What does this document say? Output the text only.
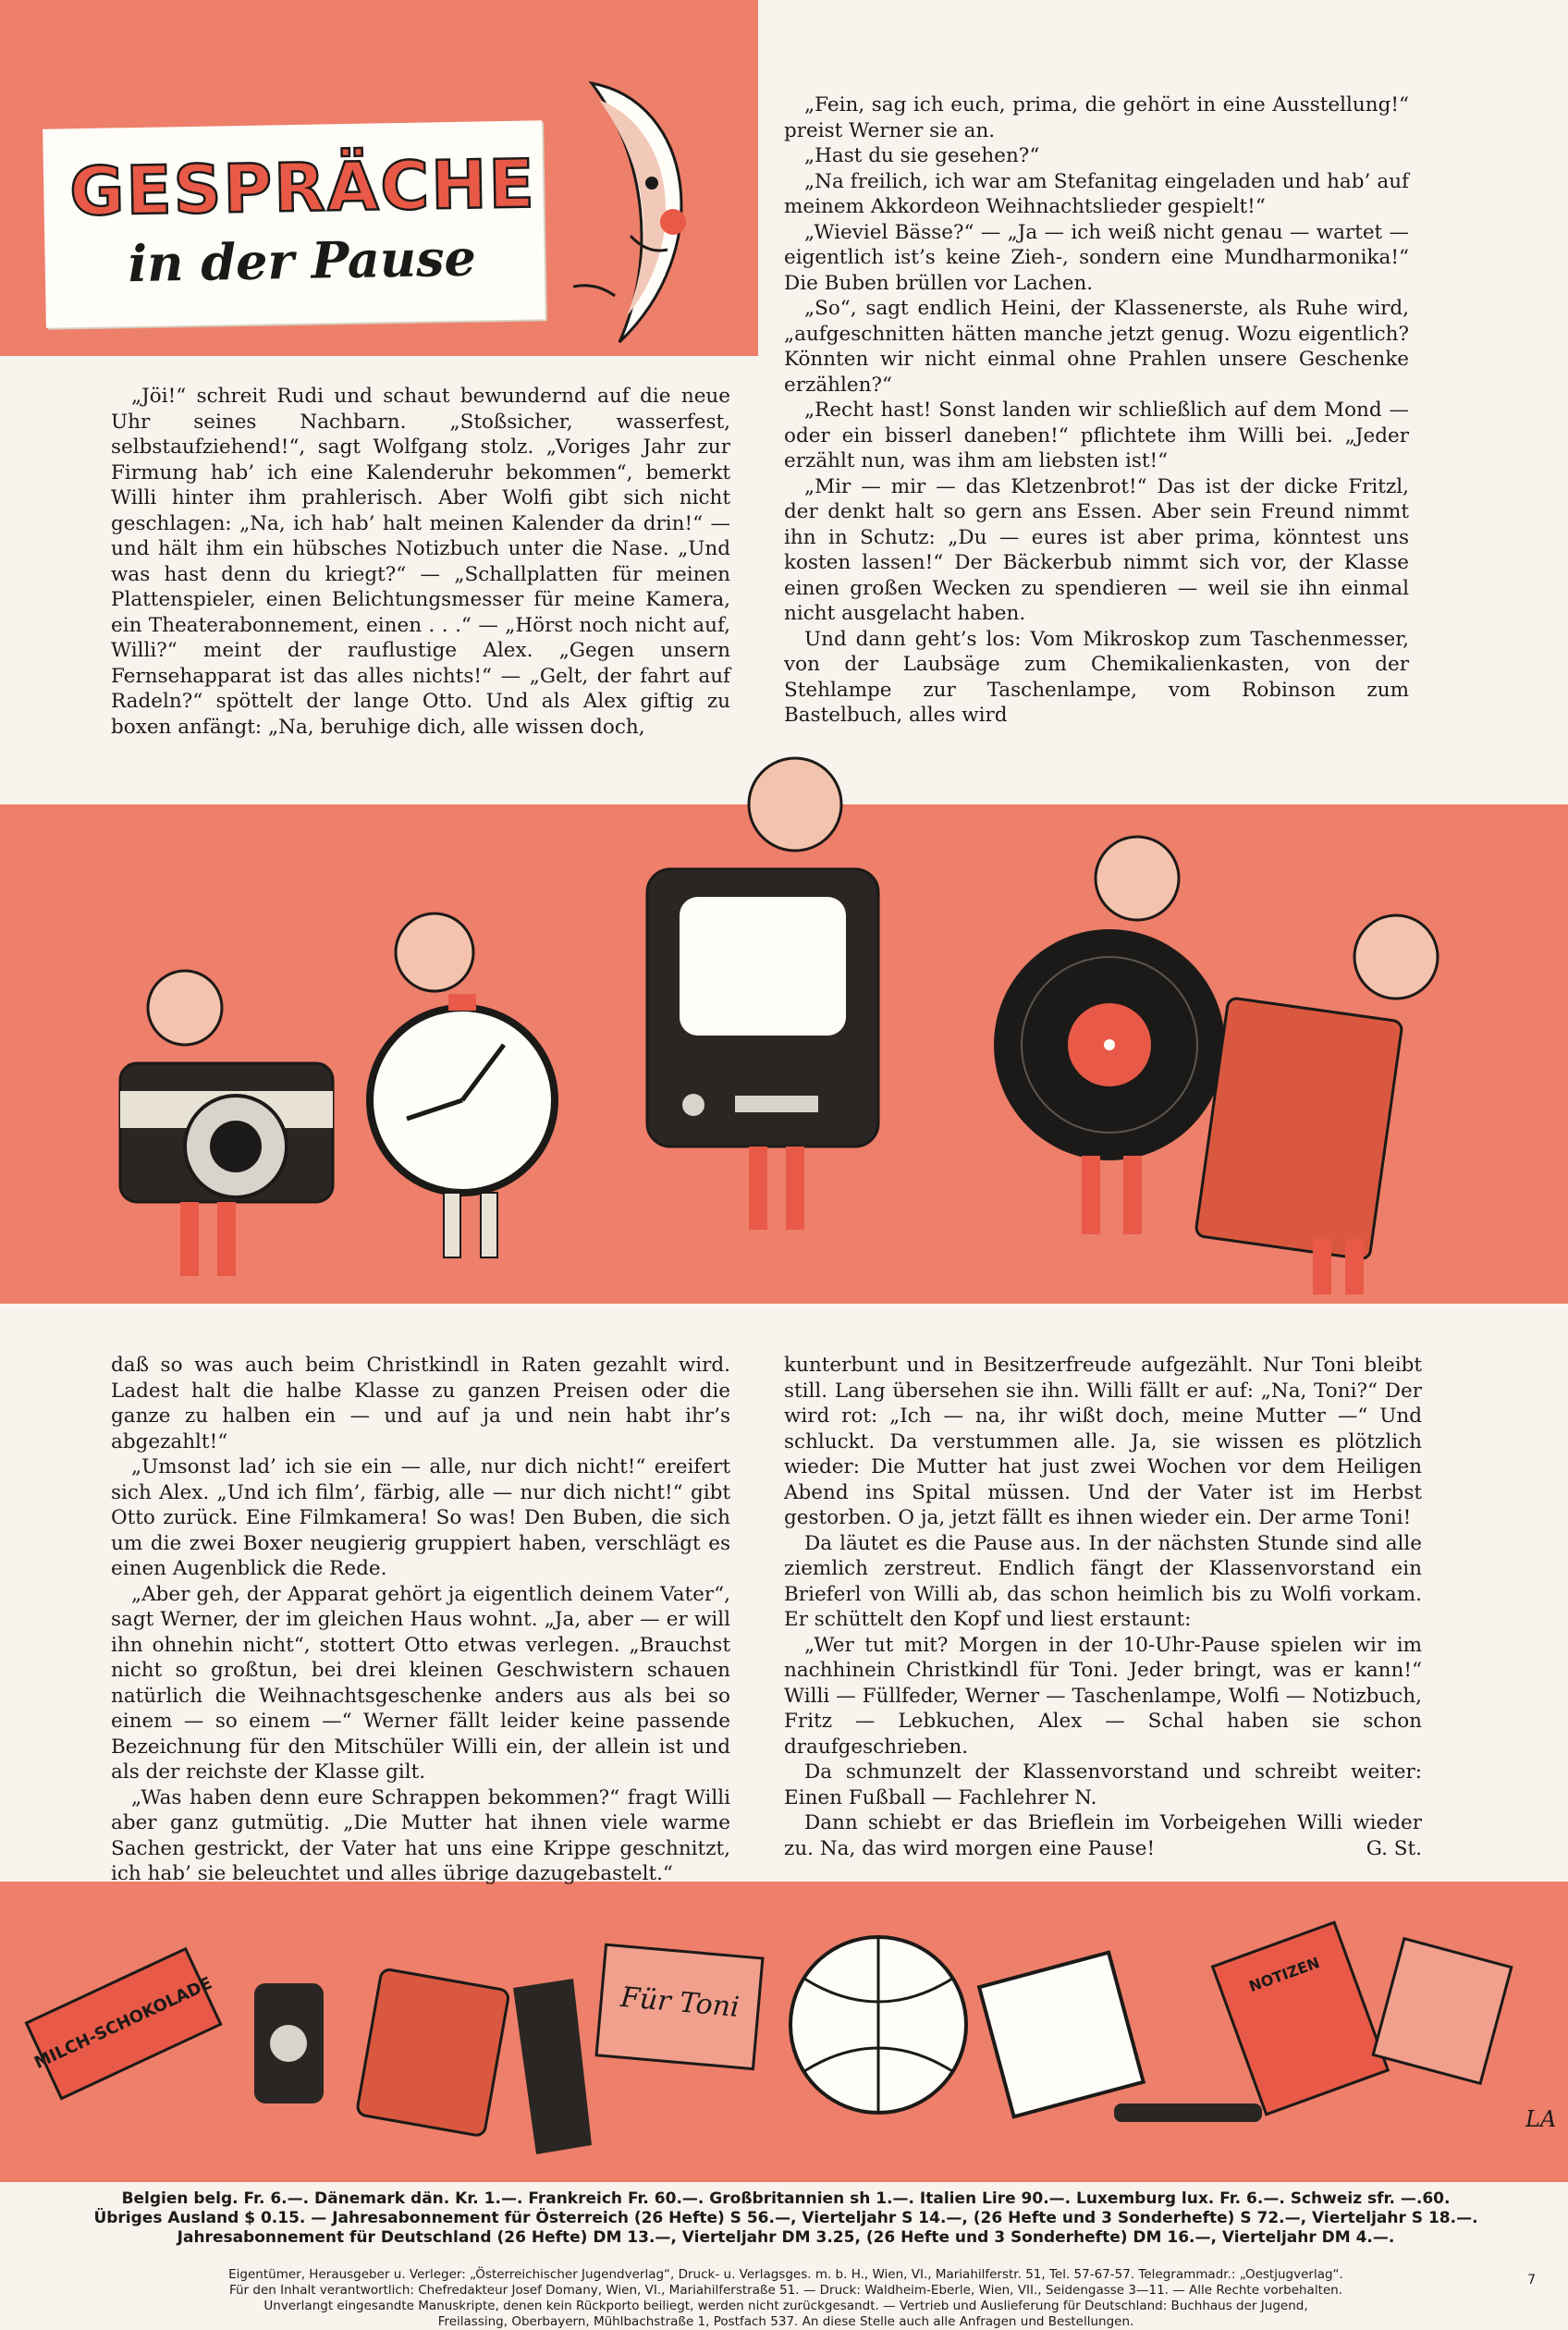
GESPRÄCHE
in der Pause

„Jöi!“ schreit Rudi und schaut bewundernd auf die neue Uhr seines Nachbarn. „Stoßsicher, wasserfest, selbstaufziehend!“, sagt Wolfgang stolz. „Voriges Jahr zur Firmung hab’ ich eine Kalenderuhr bekommen“, bemerkt Willi hinter ihm prahlerisch. Aber Wolfi gibt sich nicht geschlagen: „Na, ich hab’ halt meinen Kalender da drin!“ — und hält ihm ein hübsches Notizbuch unter die Nase. „Und was hast denn du kriegt?“ — „Schallplatten für meinen Plattenspieler, einen Belichtungsmesser für meine Kamera, ein Theaterabonnement, einen . . .“ — „Hörst noch nicht auf, Willi?“ meint der rauflustige Alex. „Gegen unsern Fernsehapparat ist das alles nichts!“ — „Gelt, der fahrt auf Radeln?“ spöttelt der lange Otto. Und als Alex giftig zu boxen anfängt: „Na, beruhige dich, alle wissen doch,

„Fein, sag ich euch, prima, die gehört in eine Ausstellung!“ preist Werner sie an.

„Hast du sie gesehen?“

„Na freilich, ich war am Stefanitag eingeladen und hab’ auf meinem Akkordeon Weihnachtslieder gespielt!“

„Wieviel Bässe?“ — „Ja — ich weiß nicht genau — wartet — eigentlich ist’s keine Zieh-, sondern eine Mundharmonika!“ Die Buben brüllen vor Lachen.

„So“, sagt endlich Heini, der Klassenerste, als Ruhe wird, „aufgeschnitten hätten manche jetzt genug. Wozu eigentlich? Könnten wir nicht einmal ohne Prahlen unsere Geschenke erzählen?“

„Recht hast! Sonst landen wir schließlich auf dem Mond — oder ein bisserl daneben!“ pflichtete ihm Willi bei. „Jeder erzählt nun, was ihm am liebsten ist!“

„Mir — mir — das Kletzenbrot!“ Das ist der dicke Fritzl, der denkt halt so gern ans Essen. Aber sein Freund nimmt ihn in Schutz: „Du — eures ist aber prima, könntest uns kosten lassen!“ Der Bäckerbub nimmt sich vor, der Klasse einen großen Wecken zu spendieren — weil sie ihn einmal nicht ausgelacht haben.

Und dann geht’s los: Vom Mikroskop zum Taschenmesser, von der Laubsäge zum Chemikalienkasten, von der Stehlampe zur Taschenlampe, vom Robinson zum Bastelbuch, alles wird

daß so was auch beim Christkindl in Raten gezahlt wird. Ladest halt die halbe Klasse zu ganzen Preisen oder die ganze zu halben ein — und auf ja und nein habt ihr’s abgezahlt!“

„Umsonst lad’ ich sie ein — alle, nur dich nicht!“ ereifert sich Alex. „Und ich film’, färbig, alle — nur dich nicht!“ gibt Otto zurück. Eine Filmkamera! So was! Den Buben, die sich um die zwei Boxer neugierig gruppiert haben, verschlägt es einen Augenblick die Rede.

„Aber geh, der Apparat gehört ja eigentlich deinem Vater“, sagt Werner, der im gleichen Haus wohnt. „Ja, aber — er will ihn ohnehin nicht“, stottert Otto etwas verlegen. „Brauchst nicht so großtun, bei drei kleinen Geschwistern schauen natürlich die Weihnachtsgeschenke anders aus als bei so einem — so einem —“ Werner fällt leider keine passende Bezeichnung für den Mitschüler Willi ein, der allein ist und als der reichste der Klasse gilt.

„Was haben denn eure Schrappen bekommen?“ fragt Willi aber ganz gutmütig. „Die Mutter hat ihnen viele warme Sachen gestrickt, der Vater hat uns eine Krippe geschnitzt, ich hab’ sie beleuchtet und alles übrige dazugebastelt.“

kunterbunt und in Besitzerfreude aufgezählt. Nur Toni bleibt still. Lang übersehen sie ihn. Willi fällt er auf: „Na, Toni?“ Der wird rot: „Ich — na, ihr wißt doch, meine Mutter —“ Und schluckt. Da verstummen alle. Ja, sie wissen es plötzlich wieder: Die Mutter hat just zwei Wochen vor dem Heiligen Abend ins Spital müssen. Und der Vater ist im Herbst gestorben. O ja, jetzt fällt es ihnen wieder ein. Der arme Toni!

Da läutet es die Pause aus. In der nächsten Stunde sind alle ziemlich zerstreut. Endlich fängt der Klassenvorstand ein Brieferl von Willi ab, das schon heimlich bis zu Wolfi vorkam. Er schüttelt den Kopf und liest erstaunt:

„Wer tut mit? Morgen in der 10-Uhr-Pause spielen wir im nachhinein Christkindl für Toni. Jeder bringt, was er kann!“ Willi — Füllfeder, Werner — Taschenlampe, Wolfi — Notizbuch, Fritz — Lebkuchen, Alex — Schal haben sie schon draufgeschrieben.

Da schmunzelt der Klassenvorstand und schreibt weiter: Einen Fußball — Fachlehrer N.

Dann schiebt er das Brieflein im Vorbeigehen Willi wieder zu. Na, das wird morgen eine Pause!	G. St.

MILCH-SCHOKOLADE	Für Toni
NOTIZEN
LA
Belgien belg. Fr. 6.—. Dänemark dän. Kr. 1.—. Frankreich Fr. 60.—. Großbritannien sh 1.—. Italien Lire 90.—. Luxemburg lux. Fr. 6.—. Schweiz sfr. —.60.
Übriges Ausland $ 0.15. — Jahresabonnement für Österreich (26 Hefte) S 56.—, Vierteljahr S 14.—, (26 Hefte und 3 Sonderhefte) S 72.—, Vierteljahr S 18.—.
Jahresabonnement für Deutschland (26 Hefte) DM 13.—, Vierteljahr DM 3.25, (26 Hefte und 3 Sonderhefte) DM 16.—, Vierteljahr DM 4.—.
Eigentümer, Herausgeber u. Verleger: „Österreichischer Jugendverlag“, Druck- u. Verlagsges. m. b. H., Wien, VI., Mariahilferstr. 51, Tel. 57-67-57. Telegrammadr.: „Oestjugverlag“.
Für den Inhalt verantwortlich: Chefredakteur Josef Domany, Wien, VI., Mariahilferstraße 51. — Druck: Waldheim-Eberle, Wien, VII., Seidengasse 3—11. — Alle Rechte vorbehalten.
Unverlangt eingesandte Manuskripte, denen kein Rückporto beiliegt, werden nicht zurückgesandt. — Vertrieb und Auslieferung für Deutschland: Buchhaus der Jugend,
Freilassing, Oberbayern, Mühlbachstraße 1, Postfach 537. An diese Stelle auch alle Anfragen und Bestellungen.
7
